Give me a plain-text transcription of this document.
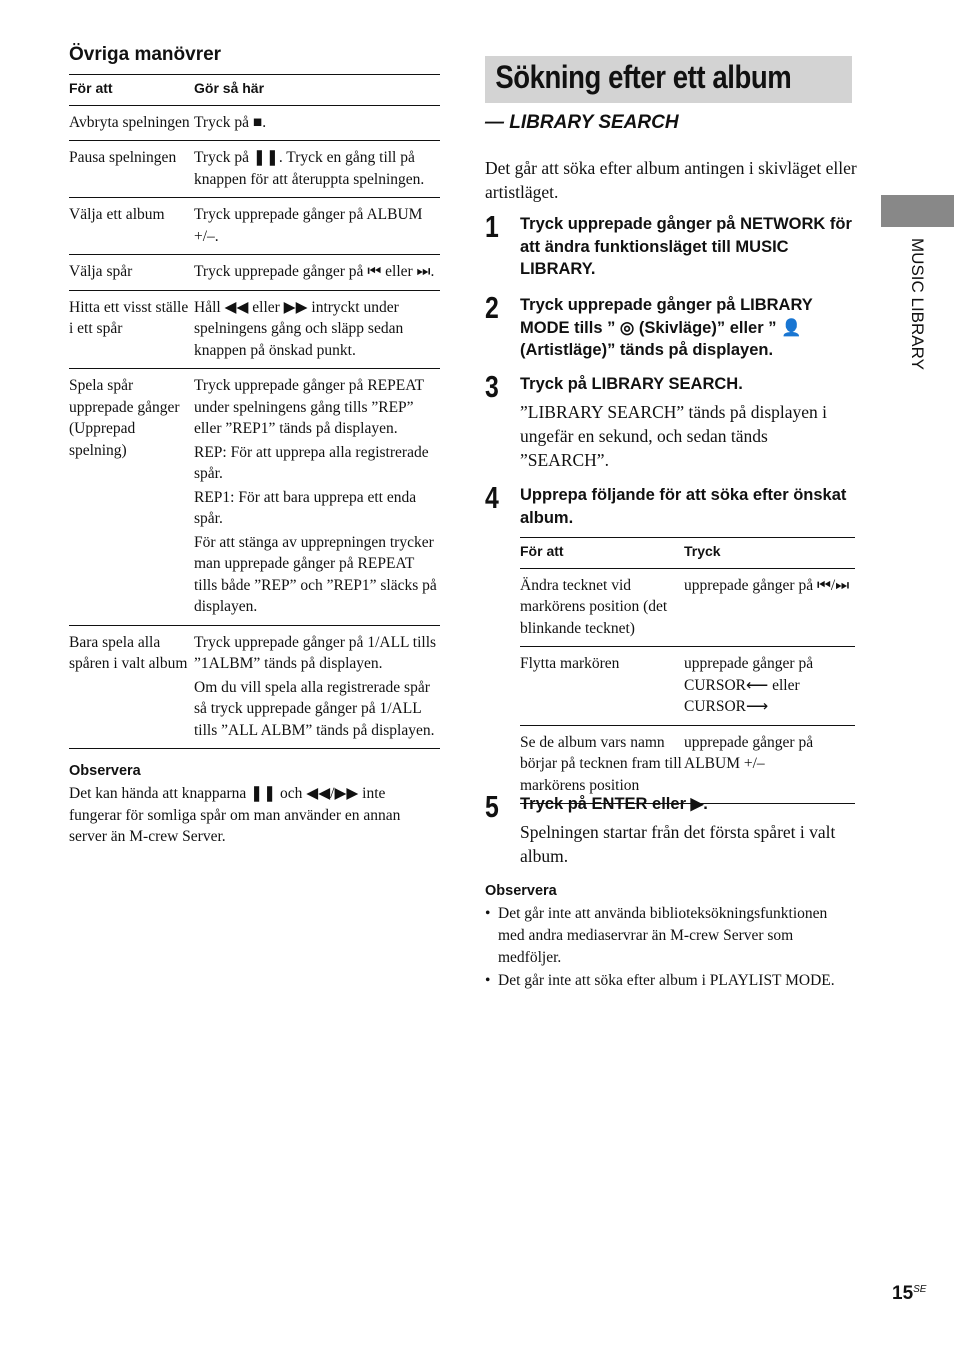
Övriga manövrer
För att	Gör så här
Avbryta spelningen	Tryck på ■.

Pausa spelningen	Tryck på ❚❚. Tryck en gång till på knappen för att återuppta spelningen.

Välja ett album	Tryck upprepade gånger på ALBUM +/–.

Välja spår	Tryck upprepade gånger på ⏮ eller ⏭.

Hitta ett visst ställe i ett spår	Håll ◀◀ eller ▶▶ intryckt under spelningens gång och släpp sedan knappen på önskad punkt.

Spela spår upprepade gånger (Upprepad spelning)	Tryck upprepade gånger på REPEAT under spelningens gång tills ”REP” eller ”REP1” tänds på displayen.

REP: För att upprepa alla registrerade spår.

REP1: För att bara upprepa ett enda spår.

För att stänga av upprepningen trycker man upprepade gånger på REPEAT tills både ”REP” och ”REP1” släcks på displayen.

Bara spela alla spåren i valt album	Tryck upprepade gånger på 1/ALL tills ”1ALBM” tänds på displayen.

Om du vill spela alla registrerade spår så tryck upprepade gånger på 1/ALL tills ”ALL ALBM” tänds på displayen.

Observera

Det kan hända att knapparna ❚❚ och ◀◀/▶▶ inte fungerar för somliga spår om man använder en annan server än M-crew Server.

Sökning efter ett album
— LIBRARY SEARCH

Det går att söka efter album antingen i skivläget eller artistläget.

1 Tryck upprepade gånger på NETWORK för att ändra funktionsläget till MUSIC LIBRARY.

2 Tryck upprepade gånger på LIBRARY MODE tills ” ◎ (Skivläge)” eller ” 👤 (Artistläge)” tänds på displayen.

3 Tryck på LIBRARY SEARCH.

”LIBRARY SEARCH” tänds på displayen i ungefär en sekund, och sedan tänds ”SEARCH”.

4 Upprepa följande för att söka efter önskat album.

För att	Tryck
Ändra tecknet vid markörens position (det blinkande tecknet)	upprepade gånger på ⏮/⏭
Flytta markören	upprepade gånger på CURSOR⟵ eller CURSOR⟶
Se de album vars namn börjar på tecknen fram till markörens position	upprepade gånger på ALBUM +/–
5 Tryck på ENTER eller ▶.

Spelningen startar från det första spåret i valt album.

Observera
• Det går inte att använda biblioteksökningsfunktionen med andra mediaservrar än M-crew Server som medföljer.
• Det går inte att söka efter album i PLAYLIST MODE.
MUSIC LIBRARY
$15^{SE}$
